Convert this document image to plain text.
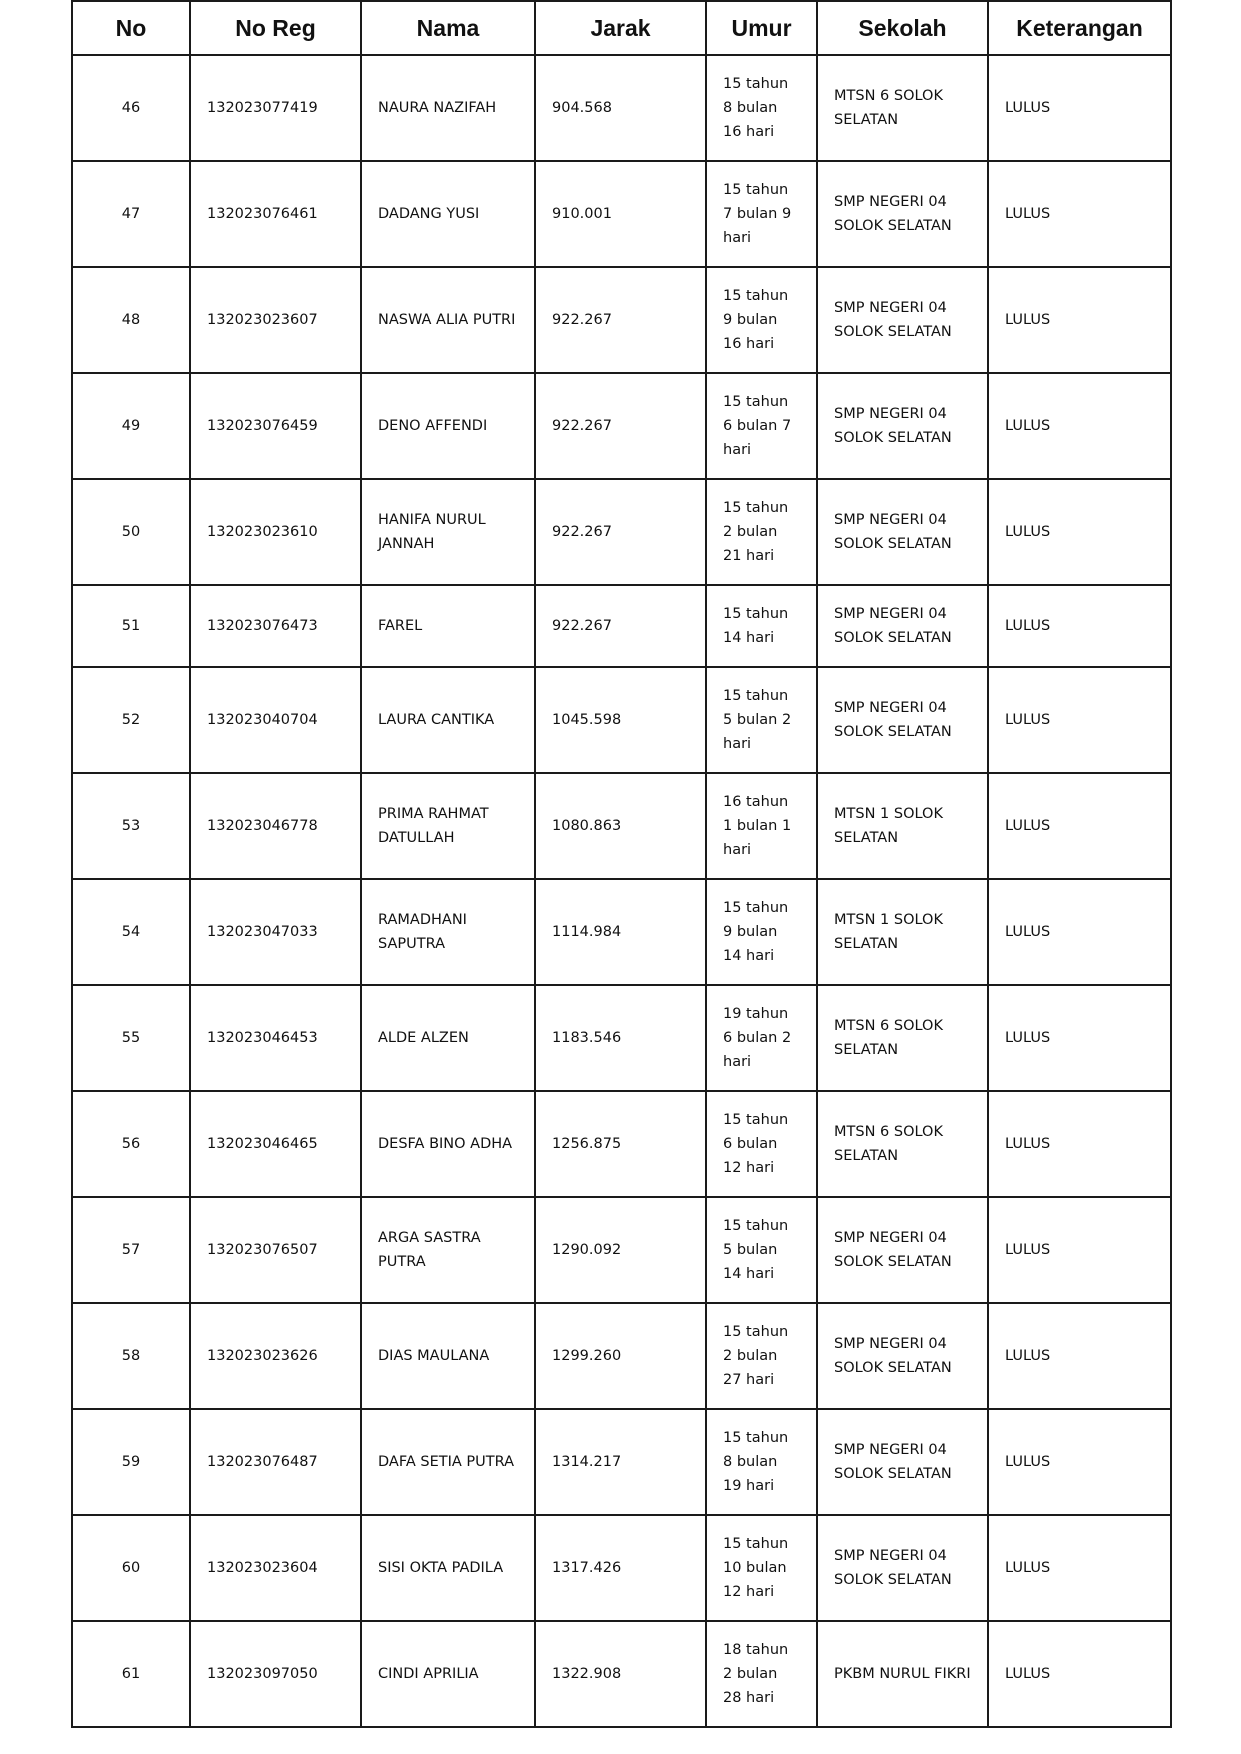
No	No Reg	Nama	Jarak	Umur	Sekolah	Keterangan
46	132023077419	NAURA NAZIFAH	904.568	15 tahun 8 bulan 16 hari	MTSN 6 SOLOK SELATAN	LULUS
47	132023076461	DADANG YUSI	910.001	15 tahun 7 bulan 9 hari	SMP NEGERI 04 SOLOK SELATAN	LULUS
48	132023023607	NASWA ALIA PUTRI	922.267	15 tahun 9 bulan 16 hari	SMP NEGERI 04 SOLOK SELATAN	LULUS
49	132023076459	DENO AFFENDI	922.267	15 tahun 6 bulan 7 hari	SMP NEGERI 04 SOLOK SELATAN	LULUS
50	132023023610	HANIFA NURUL JANNAH	922.267	15 tahun 2 bulan 21 hari	SMP NEGERI 04 SOLOK SELATAN	LULUS
51	132023076473	FAREL	922.267	15 tahun 14 hari	SMP NEGERI 04 SOLOK SELATAN	LULUS
52	132023040704	LAURA CANTIKA	1045.598	15 tahun 5 bulan 2 hari	SMP NEGERI 04 SOLOK SELATAN	LULUS
53	132023046778	PRIMA RAHMAT DATULLAH	1080.863	16 tahun 1 bulan 1 hari	MTSN 1 SOLOK SELATAN	LULUS
54	132023047033	RAMADHANI SAPUTRA	1114.984	15 tahun 9 bulan 14 hari	MTSN 1 SOLOK SELATAN	LULUS
55	132023046453	ALDE ALZEN	1183.546	19 tahun 6 bulan 2 hari	MTSN 6 SOLOK SELATAN	LULUS
56	132023046465	DESFA BINO ADHA	1256.875	15 tahun 6 bulan 12 hari	MTSN 6 SOLOK SELATAN	LULUS
57	132023076507	ARGA SASTRA PUTRA	1290.092	15 tahun 5 bulan 14 hari	SMP NEGERI 04 SOLOK SELATAN	LULUS
58	132023023626	DIAS MAULANA	1299.260	15 tahun 2 bulan 27 hari	SMP NEGERI 04 SOLOK SELATAN	LULUS
59	132023076487	DAFA SETIA PUTRA	1314.217	15 tahun 8 bulan 19 hari	SMP NEGERI 04 SOLOK SELATAN	LULUS
60	132023023604	SISI OKTA PADILA	1317.426	15 tahun 10 bulan 12 hari	SMP NEGERI 04 SOLOK SELATAN	LULUS
61	132023097050	CINDI APRILIA	1322.908	18 tahun 2 bulan 28 hari	PKBM NURUL FIKRI	LULUS
